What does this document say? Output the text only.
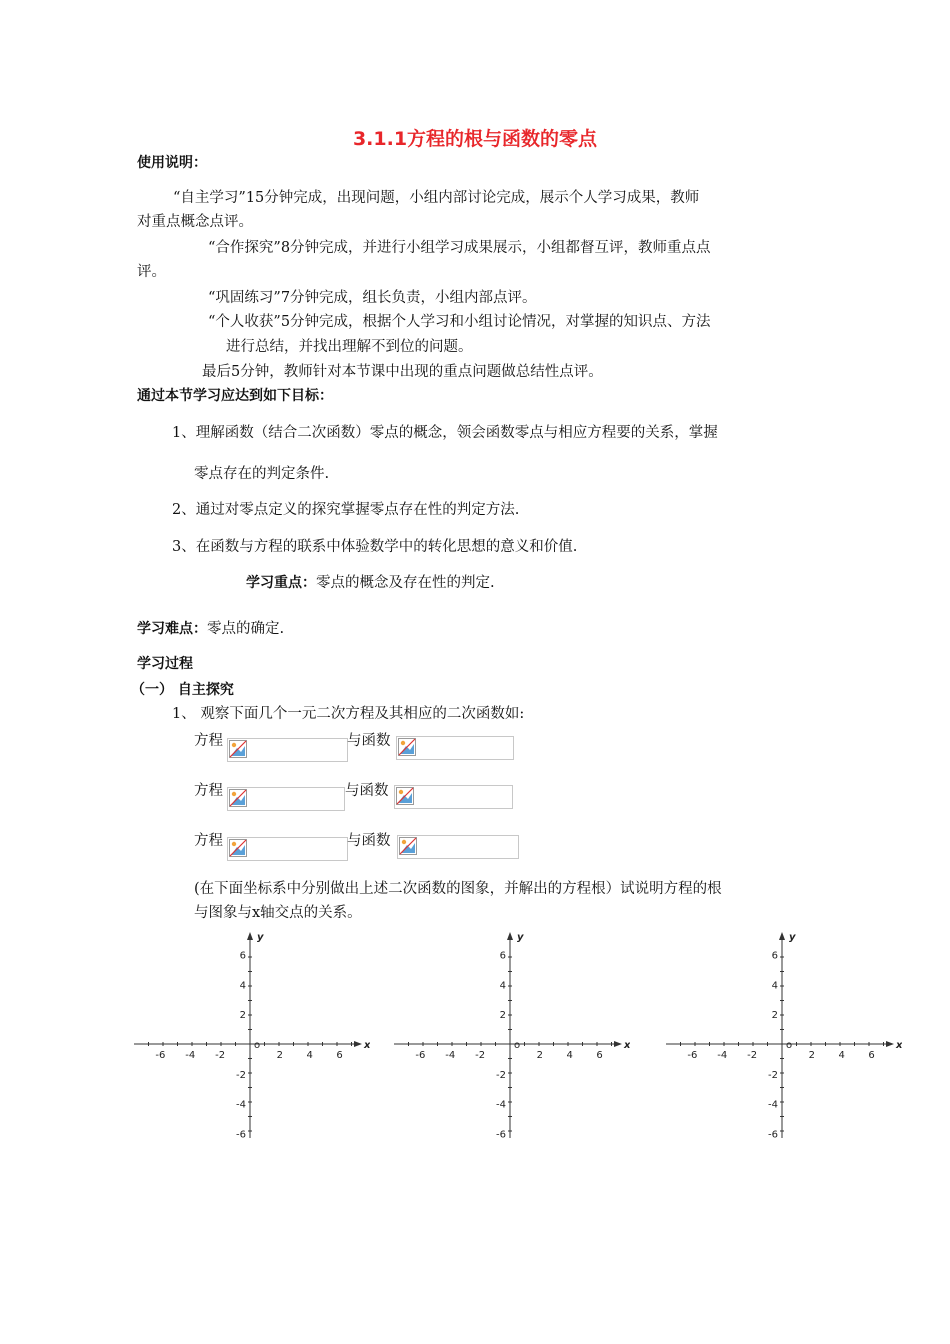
3.1.1方程的根与函数的零点
使用说明：
“自主学习”15分钟完成，出现问题，小组内部讨论完成，展示个人学习成果，教师
对重点概念点评。
“合作探究”8分钟完成，并进行小组学习成果展示，小组都督互评，教师重点点
评。
“巩固练习”7分钟完成，组长负责，小组内部点评。
“个人收获”5分钟完成，根据个人学习和小组讨论情况，对掌握的知识点、方法
进行总结，并找出理解不到位的问题。
最后5分钟，教师针对本节课中出现的重点问题做总结性点评。
通过本节学习应达到如下目标：
1、理解函数（结合二次函数）零点的概念，领会函数零点与相应方程要的关系，掌握
零点存在的判定条件.
2、通过对零点定义的探究掌握零点存在性的判定方法.
3、在函数与方程的联系中体验数学中的转化思想的意义和价值.
学习重点：零点的概念及存在性的判定.
学习难点：零点的确定.
学习过程
（一） 自主探究
1、 观察下面几个一元二次方程及其相应的二次函数如:
方程	与函数
方程	与函数
方程	与函数
(在下面坐标系中分别做出上述二次函数的图象，并解出的方程根）试说明方程的根
与图象与x轴交点的关系。
-6 -4 -2	2 4 6
6
4
2
-2
-4
-6
o	x
y
-6 -4 -2	2 4 6
6
4
2
-2
-4
-6
o	x
y
-6 -4 -2	2 4 6
6
4
2
-2
-4
-6
o	x
y
